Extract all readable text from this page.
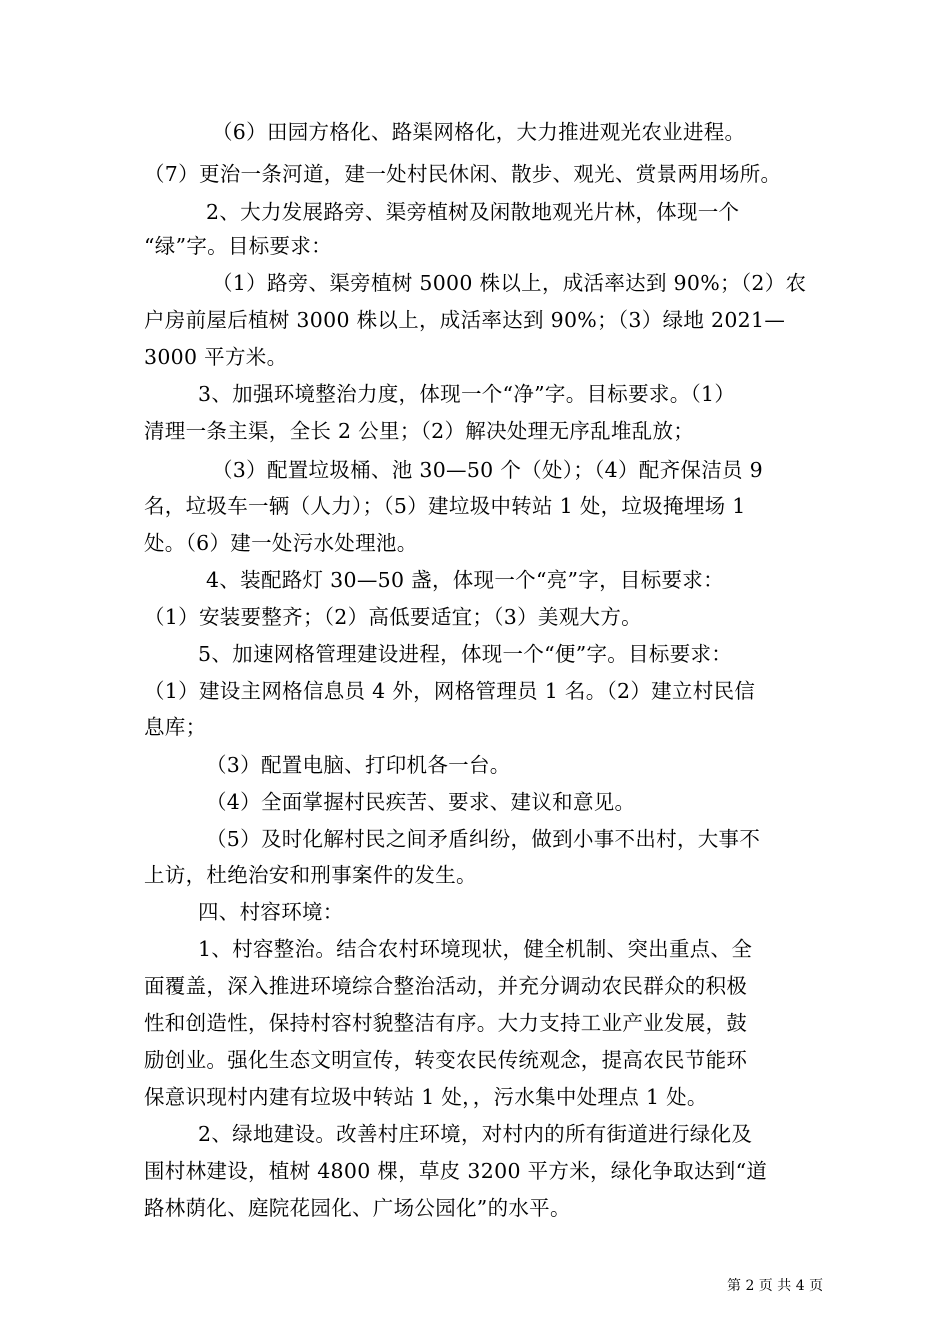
（6）田园方格化、路渠网格化，大力推进观光农业进程。
（7）更治一条河道，建一处村民休闲、散步、观光、赏景两用场所。
2、大力发展路旁、渠旁植树及闲散地观光片林，体现一个
“绿”字。目标要求：
（1）路旁、渠旁植树 5000 株以上，成活率达到 90%；（2）农
户房前屋后植树 3000 株以上，成活率达到 90%；（3）绿地 2021—
3000 平方米。
3、加强环境整治力度，体现一个“净”字。目标要求。（1）
清理一条主渠，全长 2 公里；（2）解决处理无序乱堆乱放；
（3）配置垃圾桶、池 30—50 个（处）；（4）配齐保洁员 9
名，垃圾车一辆（人力）；（5）建垃圾中转站 1 处，垃圾掩埋场 1
处。（6）建一处污水处理池。
4、装配路灯 30—50 盏，体现一个“亮”字，目标要求：
（1）安装要整齐；（2）高低要适宜；（3）美观大方。
5、加速网格管理建设进程，体现一个“便”字。目标要求：
（1）建设主网格信息员 4 外，网格管理员 1 名。（2）建立村民信
息库；
（3）配置电脑、打印机各一台。
（4）全面掌握村民疾苦、要求、建议和意见。
（5）及时化解村民之间矛盾纠纷，做到小事不出村，大事不
上访，杜绝治安和刑事案件的发生。
四、村容环境：
1、村容整治。结合农村环境现状，健全机制、突出重点、全
面覆盖，深入推进环境综合整治活动，并充分调动农民群众的积极
性和创造性，保持村容村貌整洁有序。大力支持工业产业发展，鼓
励创业。强化生态文明宣传，转变农民传统观念，提高农民节能环
保意识现村内建有垃圾中转站 1 处，，污水集中处理点 1 处。
2、绿地建设。改善村庄环境，对村内的所有街道进行绿化及
围村林建设，植树 4800 棵，草皮 3200 平方米，绿化争取达到“道
路林荫化、庭院花园化、广场公园化”的水平。
第 2 页 共 4 页
